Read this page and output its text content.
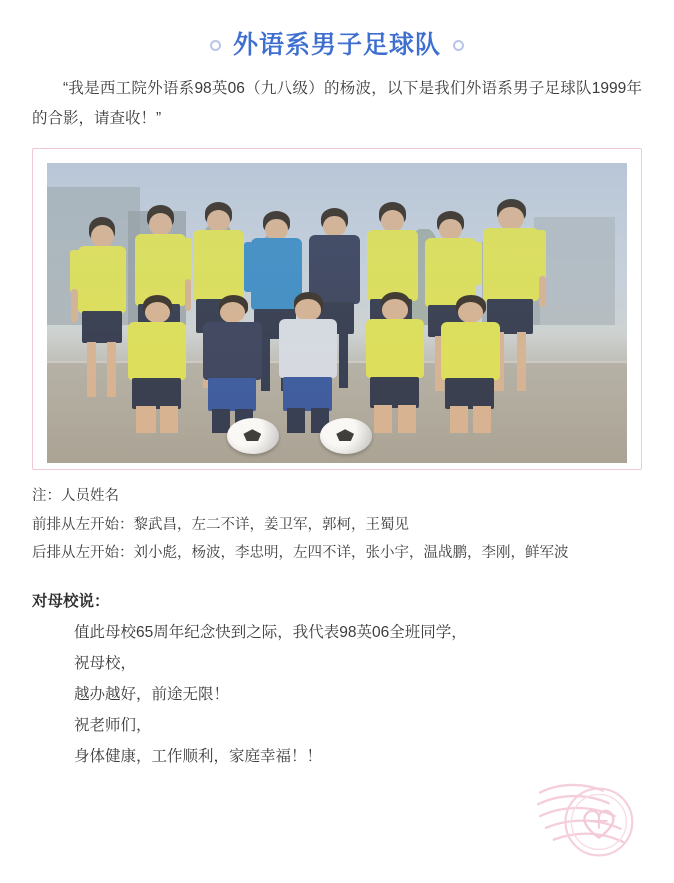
外语系男子足球队

“我是西工院外语系98英06（九八级）的杨波，以下是我们外语系男子足球队1999年的合影，请查收！”

注：人员姓名
前排从左开始：黎武昌，左二不详，姜卫军，郭柯，王蜀见
后排从左开始：刘小彪，杨波，李忠明，左四不详，张小宇，温战鹏，李刚，鲜军波
对母校说：
值此母校65周年纪念快到之际，我代表98英06全班同学，
祝母校，
越办越好，前途无限！
祝老师们，
身体健康，工作顺利，家庭幸福！！
